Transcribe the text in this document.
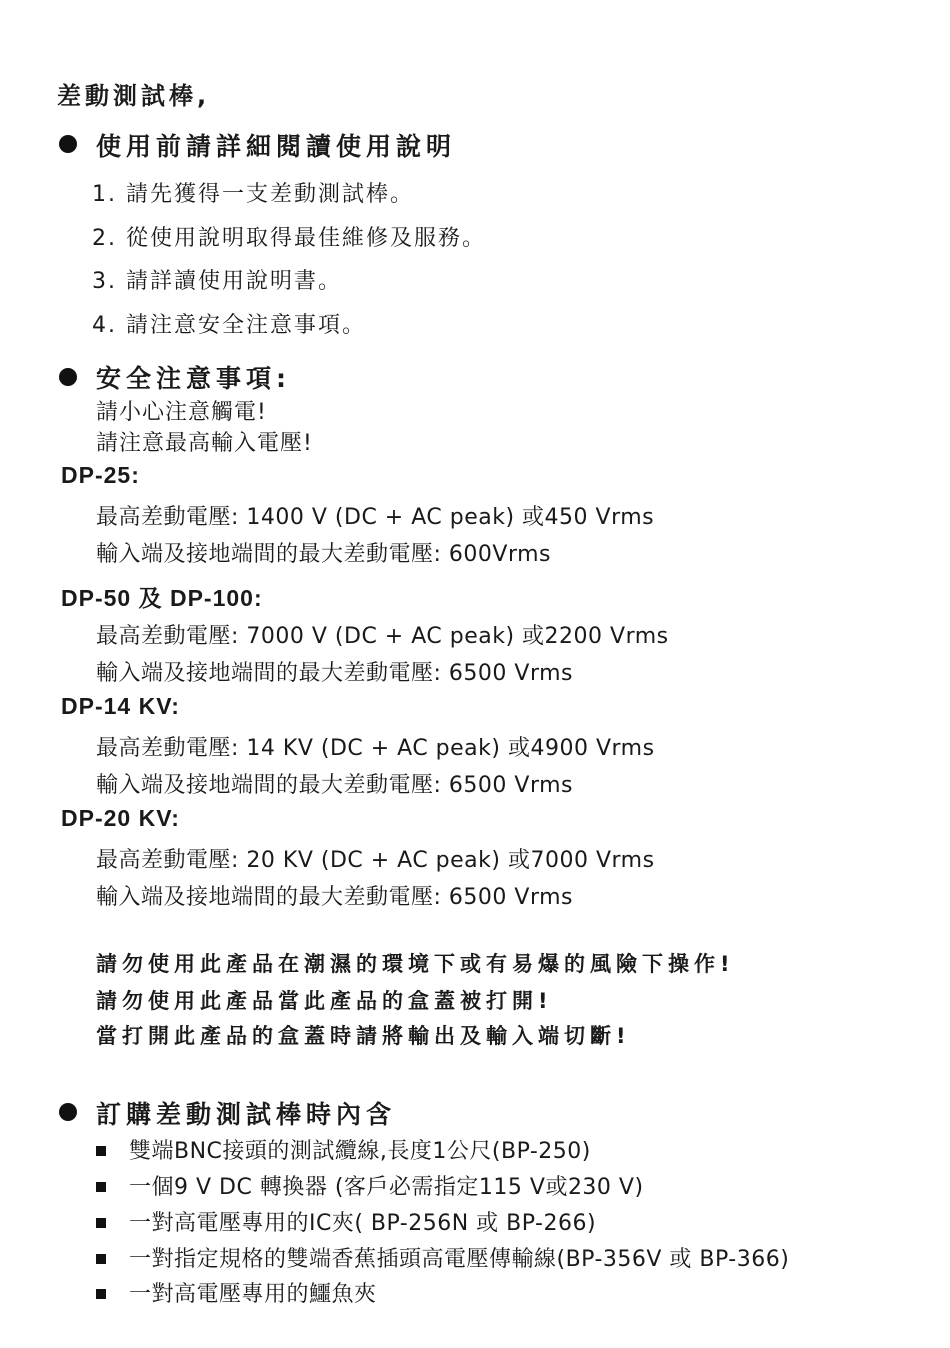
差動測試棒,
使用前請詳細閱讀使用說明
1. 請先獲得一支差動測試棒。
2. 從使用說明取得最佳維修及服務。
3. 請詳讀使用說明書。
4. 請注意安全注意事項。
安全注意事項:
請小心注意觸電!
請注意最高輸入電壓!
DP-25:
最高差動電壓: 1400 V (DC + AC peak) 或450 Vrms
輸入端及接地端間的最大差動電壓: 600Vrms
DP-50 及 DP-100:
最高差動電壓: 7000 V (DC + AC peak) 或2200 Vrms
輸入端及接地端間的最大差動電壓: 6500 Vrms
DP-14 KV:
最高差動電壓: 14 KV (DC + AC peak) 或4900 Vrms
輸入端及接地端間的最大差動電壓: 6500 Vrms
DP-20 KV:
最高差動電壓: 20 KV (DC + AC peak) 或7000 Vrms
輸入端及接地端間的最大差動電壓: 6500 Vrms
請勿使用此產品在潮濕的環境下或有易爆的風險下操作!
請勿使用此產品當此產品的盒蓋被打開!
當打開此產品的盒蓋時請將輸出及輸入端切斷!
訂購差動測試棒時內含
雙端BNC接頭的測試纜線,長度1公尺(BP-250)
一個9 V DC 轉換器 (客戶必需指定115 V或230 V)
一對高電壓專用的IC夾( BP-256N 或 BP-266)
一對指定規格的雙端香蕉插頭高電壓傳輸線(BP-356V 或 BP-366)
一對高電壓專用的鱷魚夾
